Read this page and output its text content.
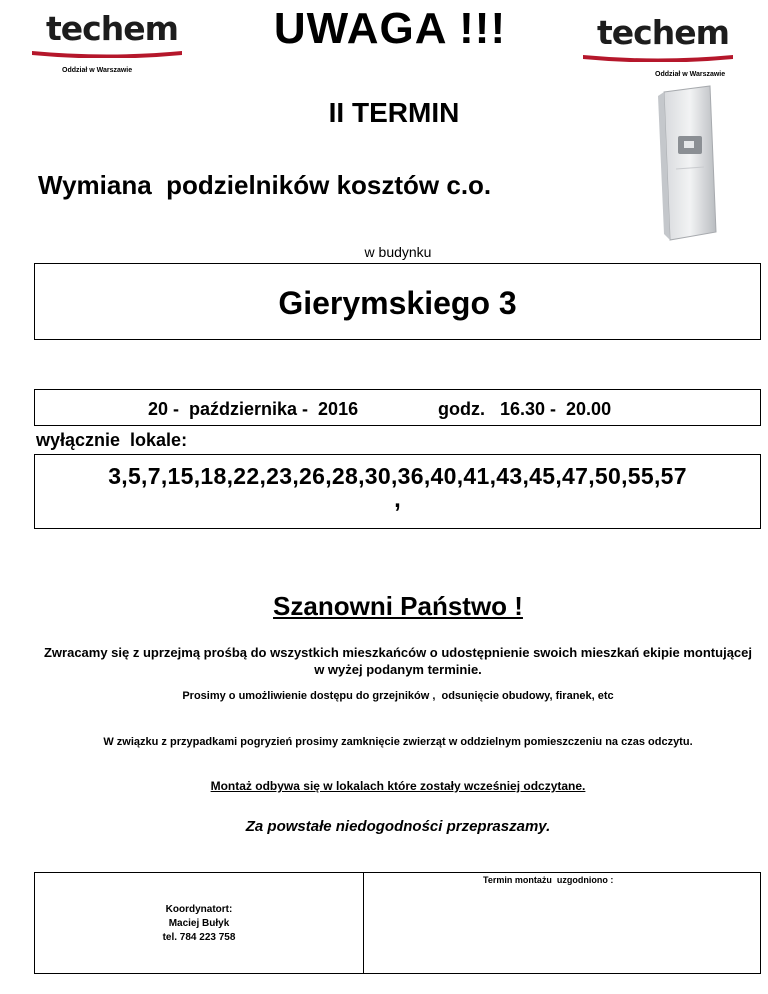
techem
Oddział w Warszawie
UWAGA !!!	techem
Oddział w Warszawie
II TERMIN
Wymiana  podzielników kosztów c.o.
w budynku
Gierymskiego 3
20 -  października -  2016	godz.   16.30 -  20.00
wyłącznie  lokale:
3,5,7,15,18,22,23,26,28,30,36,40,41,43,45,47,50,55,57
,
Szanowni Państwo !
Zwracamy się z uprzejmą prośbą do wszystkich mieszkańców o udostępnienie swoich mieszkań ekipie montującej w wyżej podanym terminie.
Prosimy o umożliwienie dostępu do grzejników ,  odsunięcie obudowy, firanek, etc
W związku z przypadkami pogryzień prosimy zamknięcie zwierząt w oddzielnym pomieszczeniu na czas odczytu.
Montaż odbywa się w lokalach które zostały wcześniej odczytane.
Za powstałe niedogodności przepraszamy.
Koordynatort:
Maciej Bułyk
tel. 784 223 758
Termin montażu  uzgodniono :
